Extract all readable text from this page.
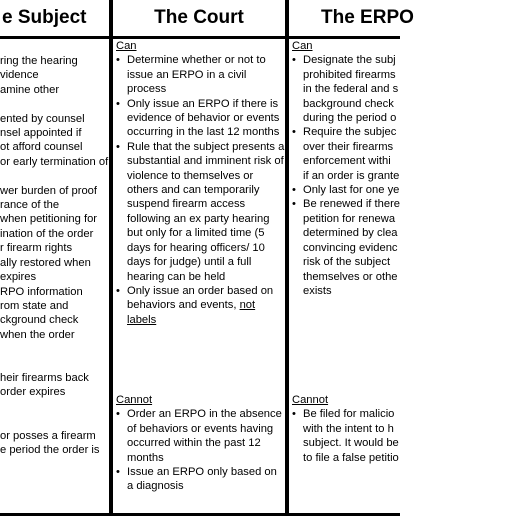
e Subject
ring the hearing
vidence
amine other

ented by counsel
nsel appointed if
ot afford counsel
or early termination of

wer burden of proof
rance of the
when petitioning for
ination of the order
r firearm rights
ally restored when
expires
RPO information
rom state and
ckground check
when the order

heir firearms back
order expires

or posses a firearm
e period the order is
The Court
Can
• Determine whether or not to issue an ERPO in a civil process
• Only issue an ERPO if there is evidence of behavior or events occurring in the last 12 months
• Rule that the subject presents a substantial and imminent risk of violence to themselves or others and can temporarily suspend firearm access following an ex party hearing but only for a limited time (5 days for hearing officers/ 10 days for judge) until a full hearing can be held
• Only issue an order based on behaviors and events, not labels
Cannot
• Order an ERPO in the absence of behaviors or events having occurred within the past 12 months
• Issue an ERPO only based on a diagnosis
The ERPO
Can
• Designate the subj
prohibited firearms
in the federal and s
background check
during the period o
• Require the subjec
over their firearms
enforcement withi
if an order is grante
• Only last for one ye
• Be renewed if there
petition for renewa
determined by clea
convincing evidenc
risk of the subject
themselves or othe
exists
Cannot
• Be filed for malicio
with the intent to h
subject. It would be
to file a false petitio
